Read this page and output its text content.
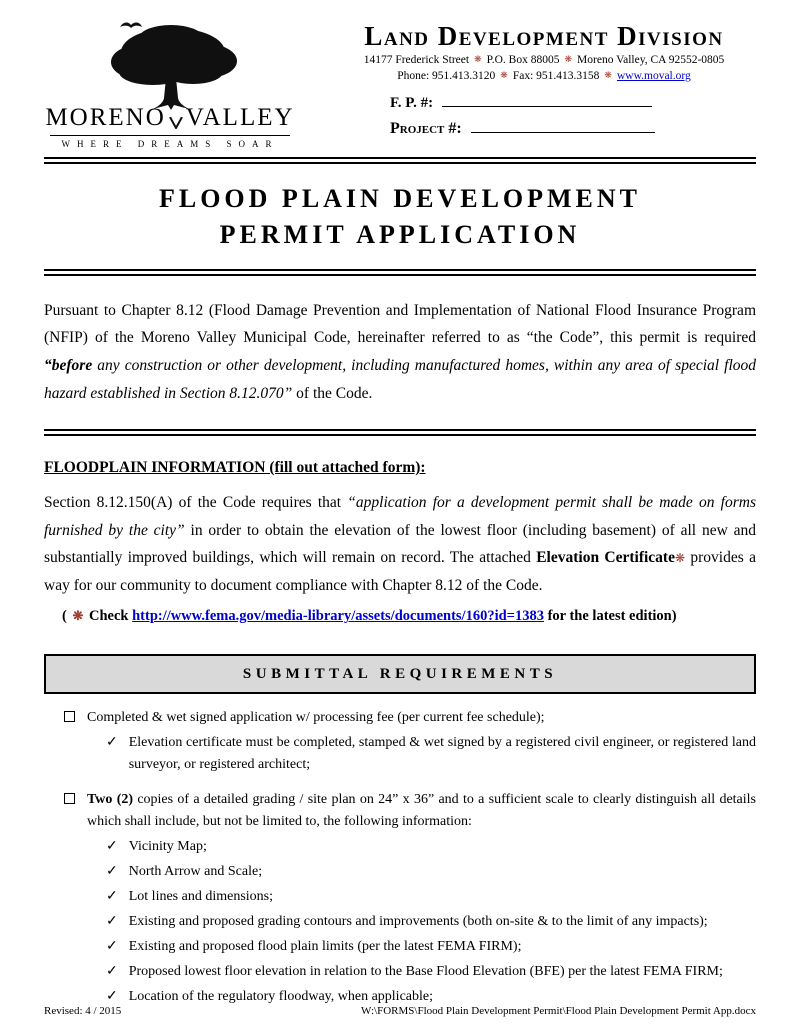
MORENO VALLEY
WHERE DREAMS SOAR
Land Development Division
14177 Frederick Street ❋ P.O. Box 88005 ❋ Moreno Valley, CA 92552-0805
Phone: 951.413.3120 ❋ Fax: 951.413.3158 ❋ www.moval.org
F. P. #:
Project #:
FLOOD PLAIN DEVELOPMENT
PERMIT APPLICATION

Pursuant to Chapter 8.12 (Flood Damage Prevention and Implementation of National Flood Insurance Program (NFIP) of the Moreno Valley Municipal Code, hereinafter referred to as “the Code”, this permit is required “before any construction or other development, including manufactured homes, within any area of special flood hazard established in Section 8.12.070” of the Code.

FLOODPLAIN INFORMATION (fill out attached form):

Section 8.12.150(A) of the Code requires that “application for a development permit shall be made on forms furnished by the city” in order to obtain the elevation of the lowest floor (including basement) of all new and substantially improved buildings, which will remain on record. The attached Elevation Certificate❋ provides a way for our community to document compliance with Chapter 8.12 of the Code.

( ❋ Check http://www.fema.gov/media-library/assets/documents/160?id=1383 for the latest edition)

SUBMITTAL REQUIREMENTS
Completed & wet signed application w/ processing fee (per current fee schedule);
✓ Elevation certificate must be completed, stamped & wet signed by a registered civil engineer, or registered land surveyor, or registered architect;
Two (2) copies of a detailed grading / site plan on 24” x 36” and to a sufficient scale to clearly distinguish all details which shall include, but not be limited to, the following information:
✓ Vicinity Map;
✓ North Arrow and Scale;
✓ Lot lines and dimensions;
✓ Existing and proposed grading contours and improvements (both on-site & to the limit of any impacts);
✓ Existing and proposed flood plain limits (per the latest FEMA FIRM);
✓ Proposed lowest floor elevation in relation to the Base Flood Elevation (BFE) per the latest FEMA FIRM;
✓ Location of the regulatory floodway, when applicable;
Revised: 4 / 2015	W:\FORMS\Flood Plain Development Permit\Flood Plain Development Permit App.docx
